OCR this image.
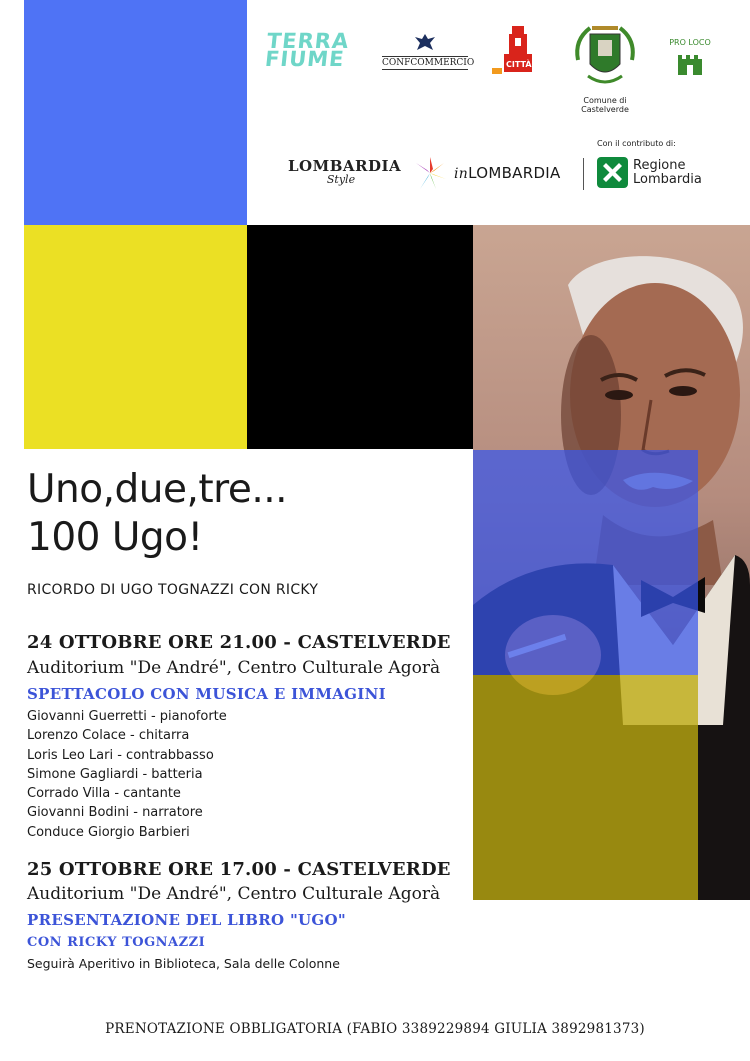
TERRA
FIUME	CONFCOMMERCIO	CITTÀ
Comune di Castelverde
PRO LOCO
LOMBARDIA
Style	inLOMBARDIA
Con il contributo di:
Regione
Lombardia
Uno,due,tre...
100 Ugo!
RICORDO DI UGO TOGNAZZI CON RICKY
24 OTTOBRE ORE 21.00 - CASTELVERDE
Auditorium "De André", Centro Culturale Agorà
SPETTACOLO CON MUSICA E IMMAGINI
Giovanni Guerretti - pianoforte
Lorenzo Colace - chitarra
Loris Leo Lari - contrabbasso
Simone Gagliardi - batteria
Corrado Villa - cantante
Giovanni Bodini - narratore
Conduce Giorgio Barbieri
25 OTTOBRE ORE 17.00 - CASTELVERDE
Auditorium "De André", Centro Culturale Agorà
PRESENTAZIONE DEL LIBRO "UGO"
CON RICKY TOGNAZZI
Seguirà Aperitivo in Biblioteca, Sala delle Colonne
PRENOTAZIONE OBBLIGATORIA (FABIO 3389229894 GIULIA 3892981373)
